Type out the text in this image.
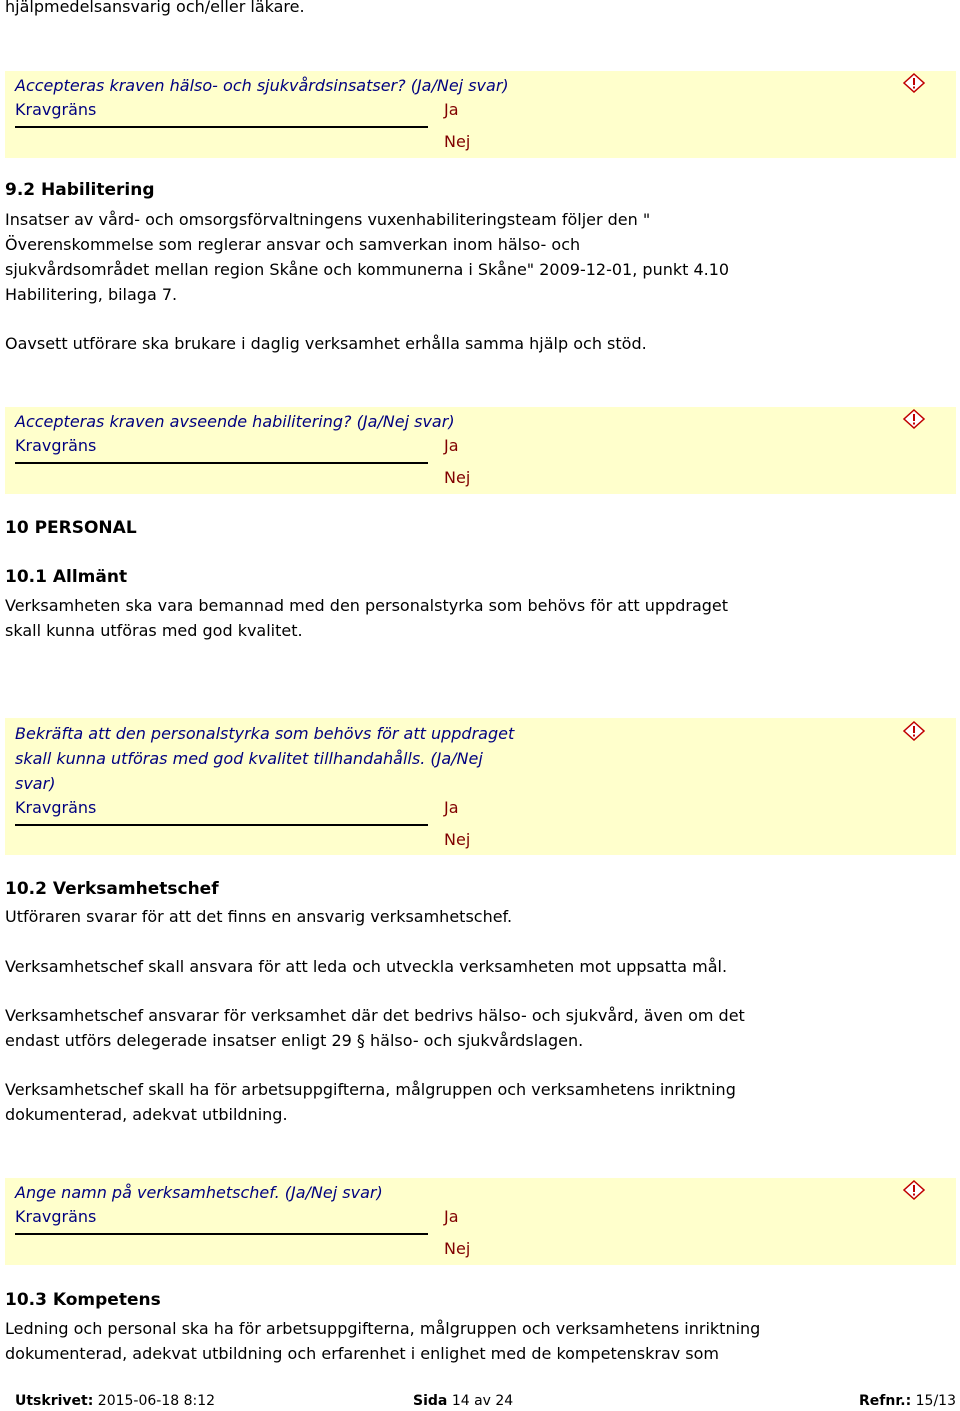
hjälpmedelsansvarig och/eller läkare.
Accepteras kraven hälso- och sjukvårdsinsatser? (Ja/Nej svar)
Kravgräns	Ja
Nej
9.2 Habilitering
Insatser av vård- och omsorgsförvaltningens vuxenhabiliteringsteam följer den "
Överenskommelse som reglerar ansvar och samverkan inom hälso- och
sjukvårdsområdet mellan region Skåne och kommunerna i Skåne" 2009-12-01, punkt 4.10
Habilitering, bilaga 7.
Oavsett utförare ska brukare i daglig verksamhet erhålla samma hjälp och stöd.
Accepteras kraven avseende habilitering? (Ja/Nej svar)
Kravgräns	Ja
Nej
10 PERSONAL
10.1 Allmänt
Verksamheten ska vara bemannad med den personalstyrka som behövs för att uppdraget
skall kunna utföras med god kvalitet.
Bekräfta att den personalstyrka som behövs för att uppdraget
skall kunna utföras med god kvalitet tillhandahålls. (Ja/Nej
svar)
Kravgräns	Ja
Nej
10.2 Verksamhetschef
Utföraren svarar för att det finns en ansvarig verksamhetschef.
Verksamhetschef skall ansvara för att leda och utveckla verksamheten mot uppsatta mål.
Verksamhetschef ansvarar för verksamhet där det bedrivs hälso- och sjukvård, även om det
endast utförs delegerade insatser enligt 29 § hälso- och sjukvårdslagen.
Verksamhetschef skall ha för arbetsuppgifterna, målgruppen och verksamhetens inriktning
dokumenterad, adekvat utbildning.
Ange namn på verksamhetschef. (Ja/Nej svar)
Kravgräns	Ja
Nej
10.3 Kompetens
Ledning och personal ska ha för arbetsuppgifterna, målgruppen och verksamhetens inriktning
dokumenterad, adekvat utbildning och erfarenhet i enlighet med de kompetenskrav som
Utskrivet: 2015-06-18 8:12	Sida 14 av 24	Refnr.: 15/13
